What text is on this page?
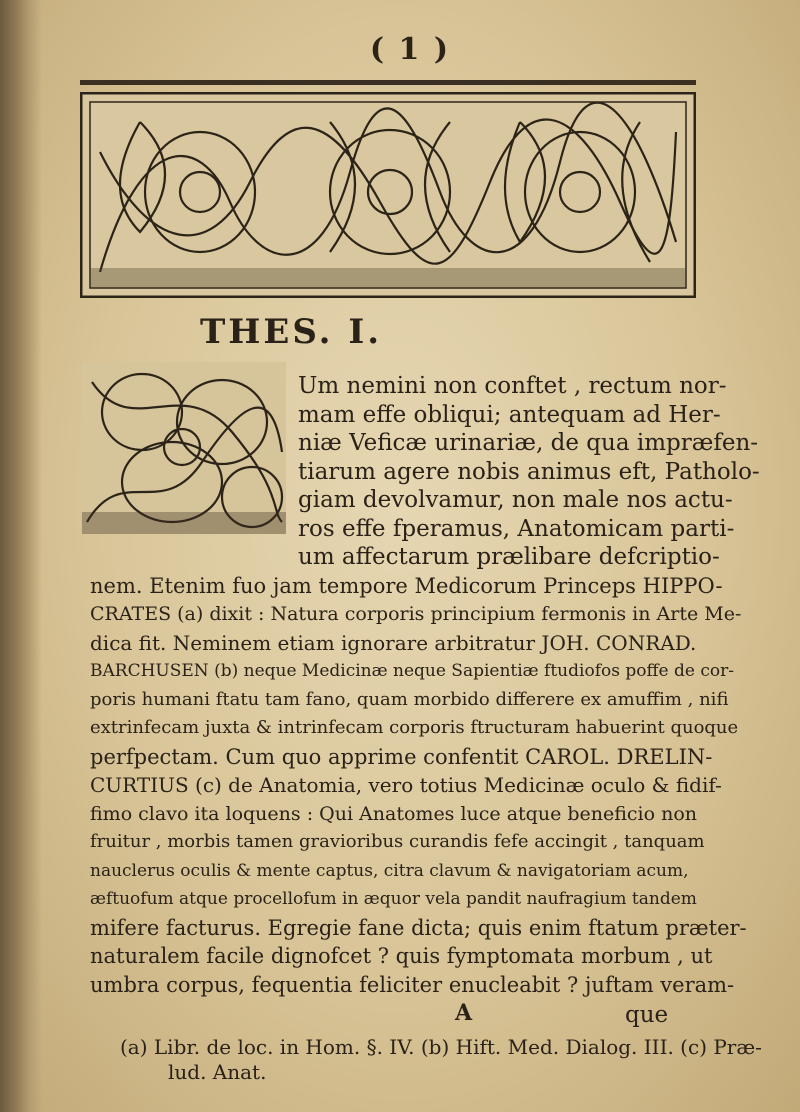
( 1 )
THES. I.
Um nemini non conftet , rectum nor-
mam effe obliqui; antequam ad Her-
niæ Veficæ urinariæ, de qua impræfen-
tiarum agere nobis animus eft, Patholo-
giam devolvamur, non male nos actu-
ros effe fperamus, Anatomicam parti-
um affectarum prælibare defcriptio-
nem. Etenim fuo jam tempore Medicorum Princeps HIPPO-
CRATES (a) dixit : Natura corporis principium fermonis in Arte Me-
dica fit. Neminem etiam ignorare arbitratur JOH. CONRAD.
BARCHUSEN (b) neque Medicinæ neque Sapientiæ ftudiofos poffe de cor-
poris humani ftatu tam fano, quam morbido differere ex amuffim , nifi
extrinfecam juxta & intrinfecam corporis ftructuram habuerint quoque
perfpectam. Cum quo apprime confentit CAROL. DRELIN-
CURTIUS (c) de Anatomia, vero totius Medicinæ oculo & fidif-
fimo clavo ita loquens : Qui Anatomes luce atque beneficio non
fruitur , morbis tamen gravioribus curandis fefe accingit , tanquam
nauclerus oculis & mente captus, citra clavum & navigatoriam acum,
æftuofum atque procellofum in æquor vela pandit naufragium tandem
mifere facturus. Egregie fane dicta; quis enim ftatum præter-
naturalem facile dignofcet ? quis fymptomata morbum , ut
umbra corpus, fequentia feliciter enucleabit ? juftam veram-
A	que
(a) Libr. de loc. in Hom. §. IV. (b) Hift. Med. Dialog. III. (c) Præ-
lud. Anat.
